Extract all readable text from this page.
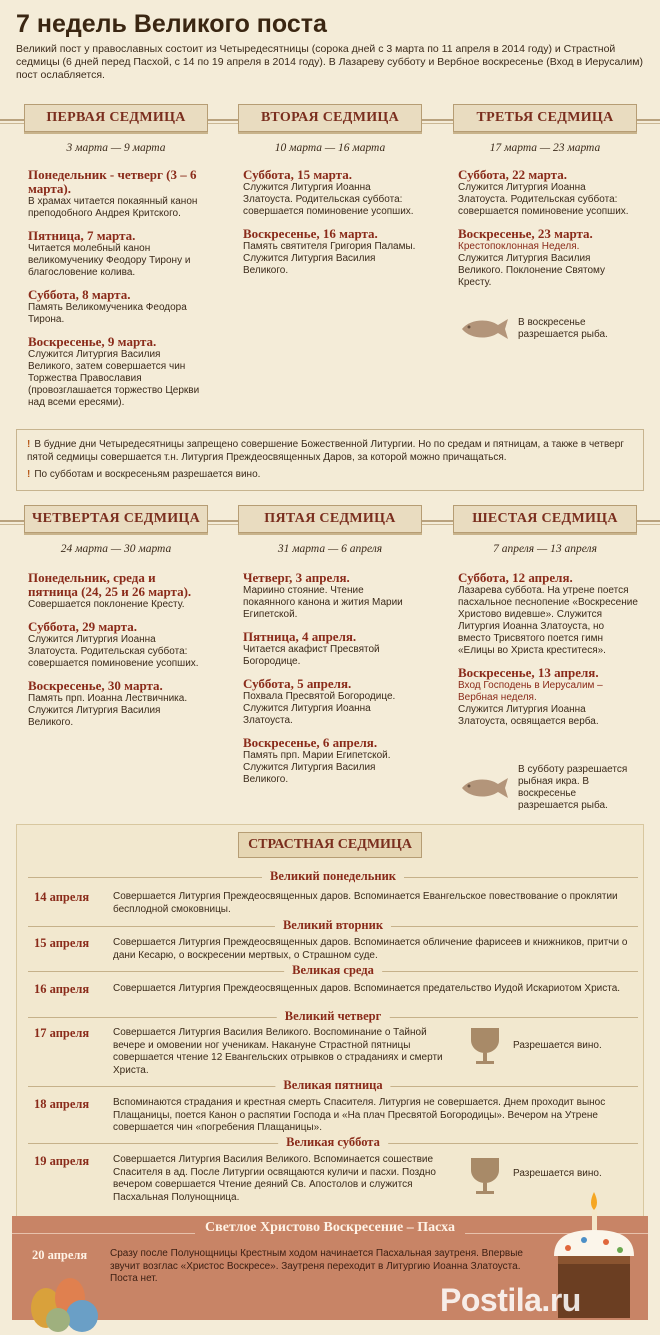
7 недель Великого поста
Великий пост у православных состоит из Четыредесятницы (сорока дней с 3 марта по 11 апреля в 2014 году) и Страстной седмицы (6 дней перед Пасхой, с 14 по 19 апреля в 2014 году). В Лазареву субботу и Вербное воскресенье (Вход в Иерусалим) пост ослабляется.
ПЕРВАЯ СЕДМИЦА	ВТОРАЯ СЕДМИЦА	ТРЕТЬЯ СЕДМИЦА
3 марта — 9 марта	10 марта — 16 марта	17 марта — 23 марта
Понедельник - четверг (3 – 6 марта).
В храмах читается покаянный канон преподобного Андрея Критского.
Пятница, 7 марта.
Читается молебный канон великомученику Феодору Тирону и благословение колива.
Суббота, 8 марта.
Память Великомученика Феодора Тирона.
Воскресенье, 9 марта.
Служится Литургия Василия Великого, затем совершается чин Торжества Православия (провозглашается торжество Церкви над всеми ересями).
Суббота, 15 марта.
Служится Литургия Иоанна Златоуста. Родительская суббота: совершается поминовение усопших.
Воскресенье, 16 марта.
Память святителя Григория Паламы. Служится Литургия Василия Великого.
Суббота, 22 марта.
Служится Литургия Иоанна Златоуста. Родительская суббота: совершается поминовение усопших.
Воскресенье, 23 марта.
Крестопоклонная Неделя.
Служится Литургия Василия Великого. Поклонение Святому Кресту.
В воскресенье разрешается рыба.
! В будние дни Четыредесятницы запрещено совершение Божественной Литургии. Но по средам и пятницам, а также в четверг пятой седмицы совершается т.н. Литургия Преждеосвященных Даров, за которой можно причащаться.
! По субботам и воскресеньям разрешается вино.
ЧЕТВЕРТАЯ СЕДМИЦА	ПЯТАЯ СЕДМИЦА	ШЕСТАЯ СЕДМИЦА
24 марта — 30 марта	31 марта — 6 апреля	7 апреля — 13 апреля
Понедельник, среда и пятница (24, 25 и 26 марта).
Совершается поклонение Кресту.
Суббота, 29 марта.
Служится Литургия Иоанна Златоуста. Родительская суббота: совершается поминовение усопших.
Воскресенье, 30 марта.
Память прп. Иоанна Лествичника. Служится Литургия Василия Великого.
Четверг, 3 апреля.
Мариино стояние. Чтение покаянного канона и жития Марии Египетской.
Пятница, 4 апреля.
Читается акафист Пресвятой Богородице.
Суббота, 5 апреля.
Похвала Пресвятой Богородице. Служится Литургия Иоанна Златоуста.
Воскресенье, 6 апреля.
Память прп. Марии Египетской. Служится Литургия Василия Великого.
Суббота, 12 апреля.
Лазарева суббота. На утрене поется пасхальное песнопение «Воскресение Христово видевше». Служится Литургия Иоанна Златоуста, но вместо Трисвятого поется гимн «Елицы во Христа креститеся».
Воскресенье, 13 апреля.
Вход Господень в Иерусалим – Вербная неделя.
Служится Литургия Иоанна Златоуста, освящается верба.
В субботу разрешается рыбная икра. В воскресенье разрешается рыба.
СТРАСТНАЯ СЕДМИЦА
Великий понедельник
14 апреля Совершается Литургия Преждеосвященных даров. Вспоминается Евангельское повествование о проклятии бесплодной смоковницы.
Великий вторник
15 апреля Совершается Литургия Преждеосвященных даров. Вспоминается обличение фарисеев и книжников, притчи о дани Кесарю, о воскресении мертвых, о Страшном суде.
Великая среда
16 апреля Совершается Литургия Преждеосвященных даров. Вспоминается предательство Иудой Искариотом Христа.
Великий четверг
17 апреля Совершается Литургия Василия Великого. Воспоминание о Тайной вечере и омовении ног ученикам. Накануне Страстной пятницы совершается чтение 12 Евангельских отрывков о страданиях и смерти Христа.
Разрешается вино.
Великая пятница
18 апреля Вспоминаются страдания и крестная смерть Спасителя. Литургия не совершается. Днем проходит вынос Плащаницы, поется Канон о распятии Господа и «На плач Пресвятой Богородицы». Вечером на Утрене совершается чин «погребения Плащаницы».
Великая суббота
19 апреля Совершается Литургия Василия Великого. Вспоминается сошествие Спасителя в ад. После Литургии освящаются куличи и пасхи. Поздно вечером совершается Чтение деяний Св. Апостолов и служится Пасхальная Полунощница.
Разрешается вино.
Светлое Христово Воскресение – Пасха
20 апреля Сразу после Полунощницы Крестным ходом начинается Пасхальная заутреня. Впервые звучит возглас «Христос Воскресе». Заутреня переходит в Литургию Иоанна Златоуста. Поста нет.
Postila.ru
